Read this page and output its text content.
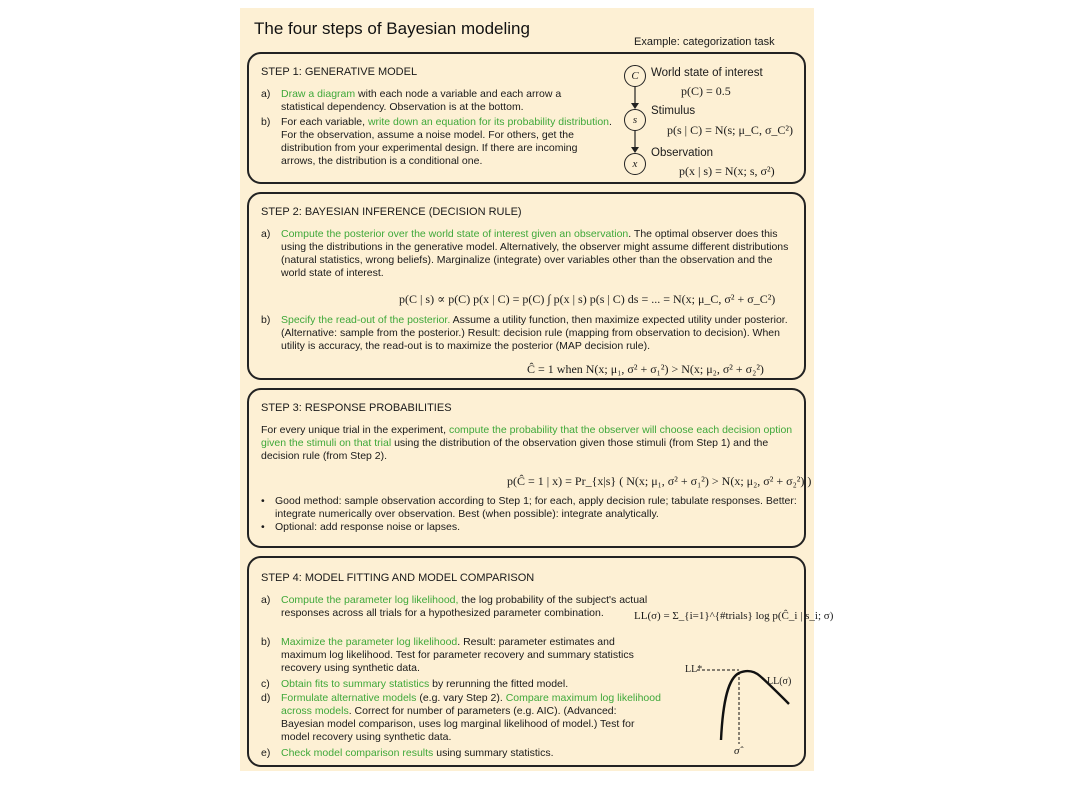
The four steps of Bayesian modeling
Example: categorization task
STEP 1: GENERATIVE MODEL
a) Draw a diagram with each node a variable and each arrow a statistical dependency. Observation is at the bottom.
b) For each variable, write down an equation for its probability distribution. For the observation, assume a noise model. For others, get the distribution from your experimental design. If there are incoming arrows, the distribution is a conditional one.
C
s
x
World state of interest
p(C) = 0.5
Stimulus
p(s | C) = N(s; μ_C, σ_C²)
Observation
p(x | s) = N(x; s, σ²)
STEP 2: BAYESIAN INFERENCE (DECISION RULE)
a) Compute the posterior over the world state of interest given an observation. The optimal observer does this using the distributions in the generative model. Alternatively, the observer might assume different distributions (natural statistics, wrong beliefs). Marginalize (integrate) over variables other than the observation and the world state of interest.
p(C | s) ∝ p(C) p(x | C) = p(C) ∫ p(x | s) p(s | C) ds = ... = N(x; μ_C, σ² + σ_C²)
b) Specify the read-out of the posterior. Assume a utility function, then maximize expected utility under posterior. (Alternative: sample from the posterior.) Result: decision rule (mapping from observation to decision). When utility is accuracy, the read-out is to maximize the posterior (MAP decision rule).
Ĉ = 1 when N(x; μ₁, σ² + σ₁²) > N(x; μ₂, σ² + σ₂²)
STEP 3: RESPONSE PROBABILITIES
For every unique trial in the experiment, compute the probability that the observer will choose each decision option given the stimuli on that trial using the distribution of the observation given those stimuli (from Step 1) and the decision rule (from Step 2).
p(Ĉ = 1 | x) = Pr_{x|s} ( N(x; μ₁, σ² + σ₁²) > N(x; μ₂, σ² + σ₂²) )
• Good method: sample observation according to Step 1; for each, apply decision rule; tabulate responses. Better: integrate numerically over observation. Best (when possible): integrate analytically.
• Optional: add response noise or lapses.
STEP 4: MODEL FITTING AND MODEL COMPARISON
a) Compute the parameter log likelihood, the log probability of the subject's actual responses across all trials for a hypothesized parameter combination.
b) Maximize the parameter log likelihood. Result: parameter estimates and maximum log likelihood. Test for parameter recovery and summary statistics recovery using synthetic data.
c) Obtain fits to summary statistics by rerunning the fitted model.
d) Formulate alternative models (e.g. vary Step 2). Compare maximum log likelihood across models. Correct for number of parameters (e.g. AIC). (Advanced: Bayesian model comparison, uses log marginal likelihood of model.) Test for model recovery using synthetic data.
e) Check model comparison results using summary statistics.
LL(σ) = Σ_{i=1}^{#trials} log p(Ĉ_i | s_i; σ)
LL*
LL(σ)
σ̂
